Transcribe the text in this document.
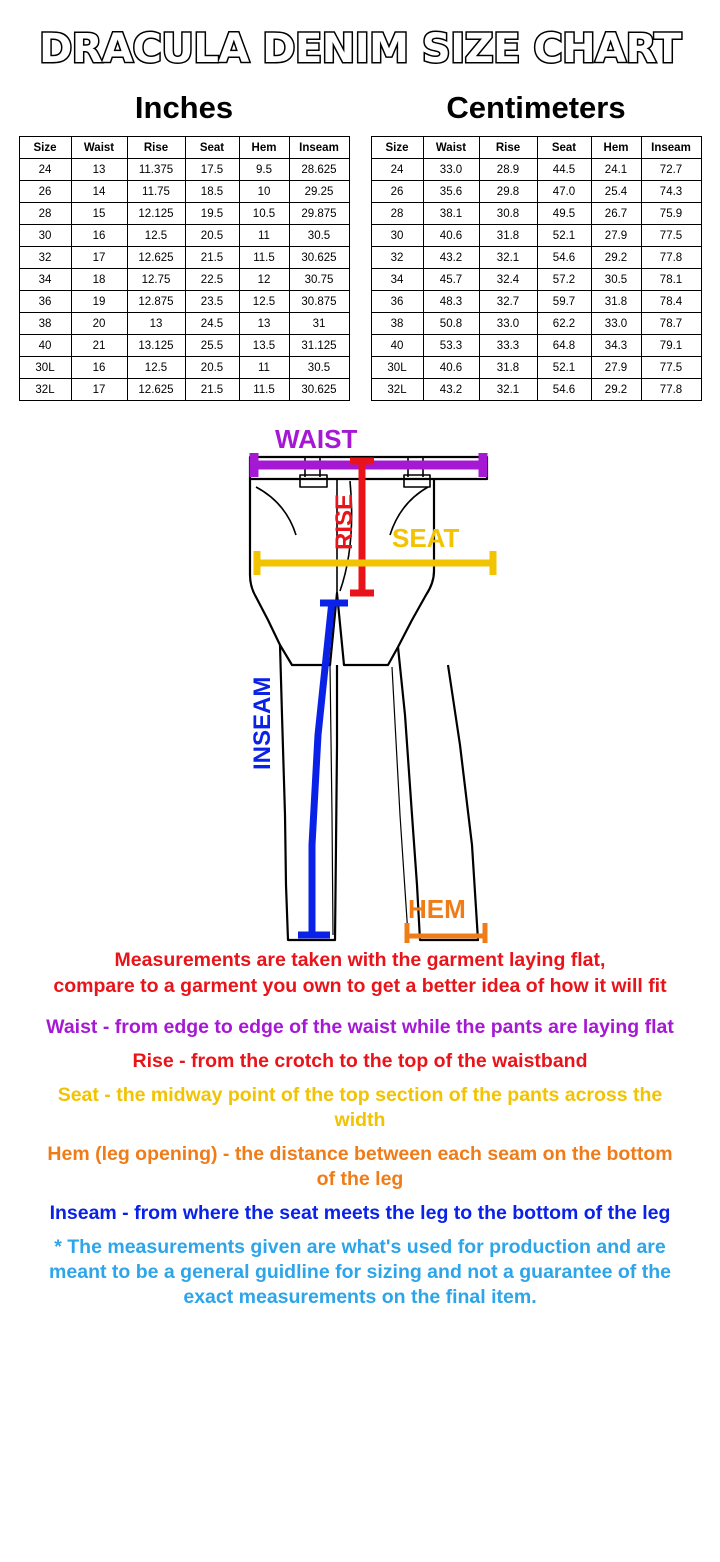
DRACULA DENIM SIZE CHART
Inches
Size	Waist	Rise	Seat	Hem	Inseam
24	13	11.375	17.5	9.5	28.625
26	14	11.75	18.5	10	29.25
28	15	12.125	19.5	10.5	29.875
30	16	12.5	20.5	11	30.5
32	17	12.625	21.5	11.5	30.625
34	18	12.75	22.5	12	30.75
36	19	12.875	23.5	12.5	30.875
38	20	13	24.5	13	31
40	21	13.125	25.5	13.5	31.125
30L	16	12.5	20.5	11	30.5
32L	17	12.625	21.5	11.5	30.625
Centimeters
Size	Waist	Rise	Seat	Hem	Inseam
24	33.0	28.9	44.5	24.1	72.7
26	35.6	29.8	47.0	25.4	74.3
28	38.1	30.8	49.5	26.7	75.9
30	40.6	31.8	52.1	27.9	77.5
32	43.2	32.1	54.6	29.2	77.8
34	45.7	32.4	57.2	30.5	78.1
36	48.3	32.7	59.7	31.8	78.4
38	50.8	33.0	62.2	33.0	78.7
40	53.3	33.3	64.8	34.3	79.1
30L	40.6	31.8	52.1	27.9	77.5
32L	43.2	32.1	54.6	29.2	77.8
WAIST
RISE SEAT
INSEAM
HEM
Measurements are taken with the garment laying flat,
compare to a garment you own to get a better idea of how it will fit
Waist - from edge to edge of the waist while the pants are laying flat
Rise - from the crotch to the top of the waistband
Seat - the midway point of the top section of the pants across the width
Hem (leg opening) - the distance between each seam on the bottom of the leg
Inseam - from where the seat meets the leg to the bottom of the leg
* The measurements given are what's used for production and are meant to be a general guidline for sizing and not a guarantee of the exact measurements on the final item.
